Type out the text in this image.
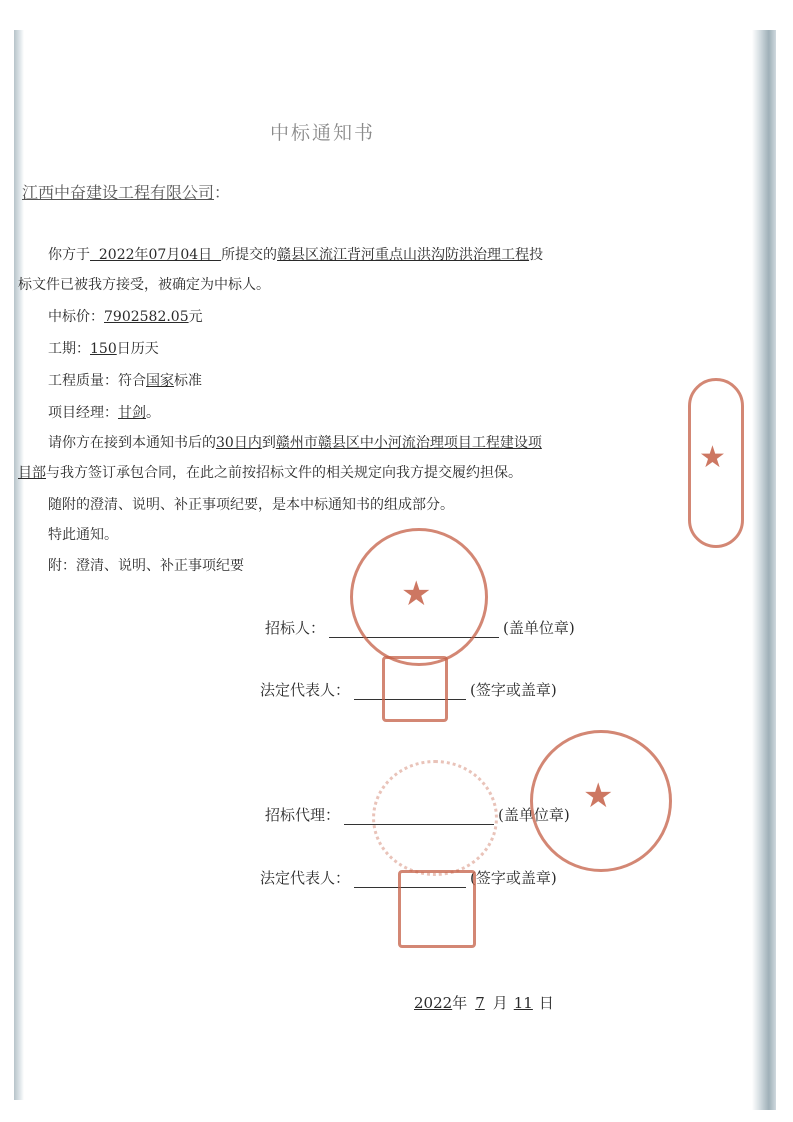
中标通知书
江西中奋建设工程有限公司：
你方于  2022年07月04日  所提交的赣县区流江背河重点山洪沟防洪治理工程投
标文件已被我方接受，被确定为中标人。
中标价：7902582.05元
工期：150日历天
工程质量：符合国家标准
项目经理：甘剑。
请你方在接到本通知书后的30日内到赣州市赣县区中小河流治理项目工程建设项
目部与我方签订承包合同，在此之前按招标文件的相关规定向我方提交履约担保。
随附的澄清、说明、补正事项纪要，是本中标通知书的组成部分。
特此通知。
附：澄清、说明、补正事项纪要
招标人：	(盖单位章)
法定代表人：	(签字或盖章)
招标代理：	(盖单位章)
法定代表人：	(签字或盖章)
2022年 7 月 11 日
★
★
★
